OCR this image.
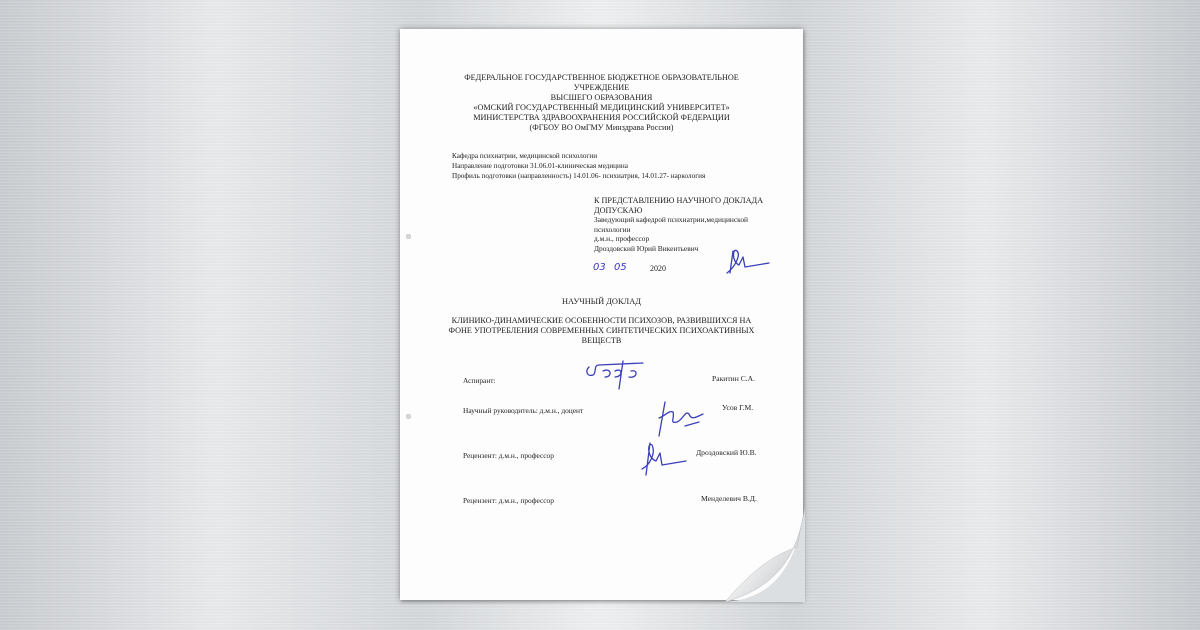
ФЕДЕРАЛЬНОЕ ГОСУДАРСТВЕННОЕ БЮДЖЕТНОЕ ОБРАЗОВАТЕЛЬНОЕ
УЧРЕЖДЕНИЕ
ВЫСШЕГО ОБРАЗОВАНИЯ
«ОМСКИЙ ГОСУДАРСТВЕННЫЙ МЕДИЦИНСКИЙ УНИВЕРСИТЕТ»
МИНИСТЕРСТВА ЗДРАВООХРАНЕНИЯ РОССИЙСКОЙ ФЕДЕРАЦИИ
(ФГБОУ ВО ОмГМУ Минздрава России)
Кафедра психиатрии, медицинской психологии
Направление подготовки 31.06.01-клиническая медицина
Профиль подготовки (направленность) 14.01.06- психиатрия, 14.01.27- наркология
К ПРЕДСТАВЛЕНИЮ НАУЧНОГО ДОКЛАДА
ДОПУСКАЮ
Заведующий кафедрой психиатрии,медицинской
психологии
д.м.н., профессор
Дроздовский Юрий Викентьевич
03 05	2020
НАУЧНЫЙ ДОКЛАД
КЛИНИКО-ДИНАМИЧЕСКИЕ ОСОБЕННОСТИ ПСИХОЗОВ, РАЗВИВШИХСЯ НА
ФОНЕ УПОТРЕБЛЕНИЯ СОВРЕМЕННЫХ СИНТЕТИЧЕСКИХ ПСИХОАКТИВНЫХ
ВЕЩЕСТВ
Аспирант:	Ракитин С.А.
Научный руководитель: д.м.н., доцент	Усов Г.М.
Рецензент: д.м.н., профессор	Дроздовский Ю.В.
Рецензент: д.м.н., профессор	Менделевич В.Д.
